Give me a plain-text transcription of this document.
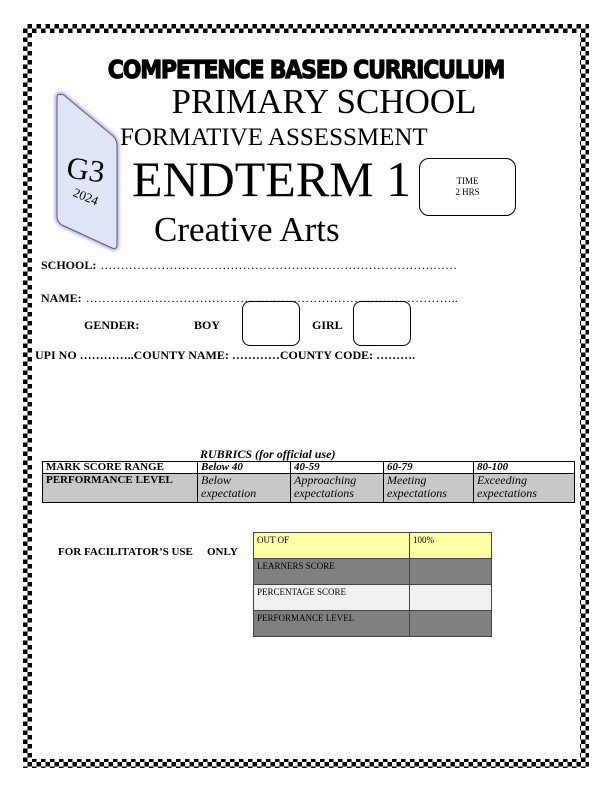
COMPETENCE BASED CURRICULUM
PRIMARY SCHOOL
FORMATIVE ASSESSMENT
ENDTERM 1
Creative Arts
G3
2024
TIME
2 HRS
SCHOOL: ……………………………………………………………………….……
NAME: ………………………………………………………………………………..
GENDER:	BOY	GIRL
UPI NO …………..COUNTY NAME: …………COUNTY CODE: ……….
RUBRICS (for official use)
MARK SCORE RANGE	Below 40	40-59	60-79	80-100
PERFORMANCE LEVEL	Below expectation	Approaching expectations	Meeting expectations	Exceeding expectations
FOR FACILITATOR’S USE ONLY
OUT OF	100%
LEARNERS SCORE	
PERCENTAGE SCORE	
PERFORMANCE LEVEL	
